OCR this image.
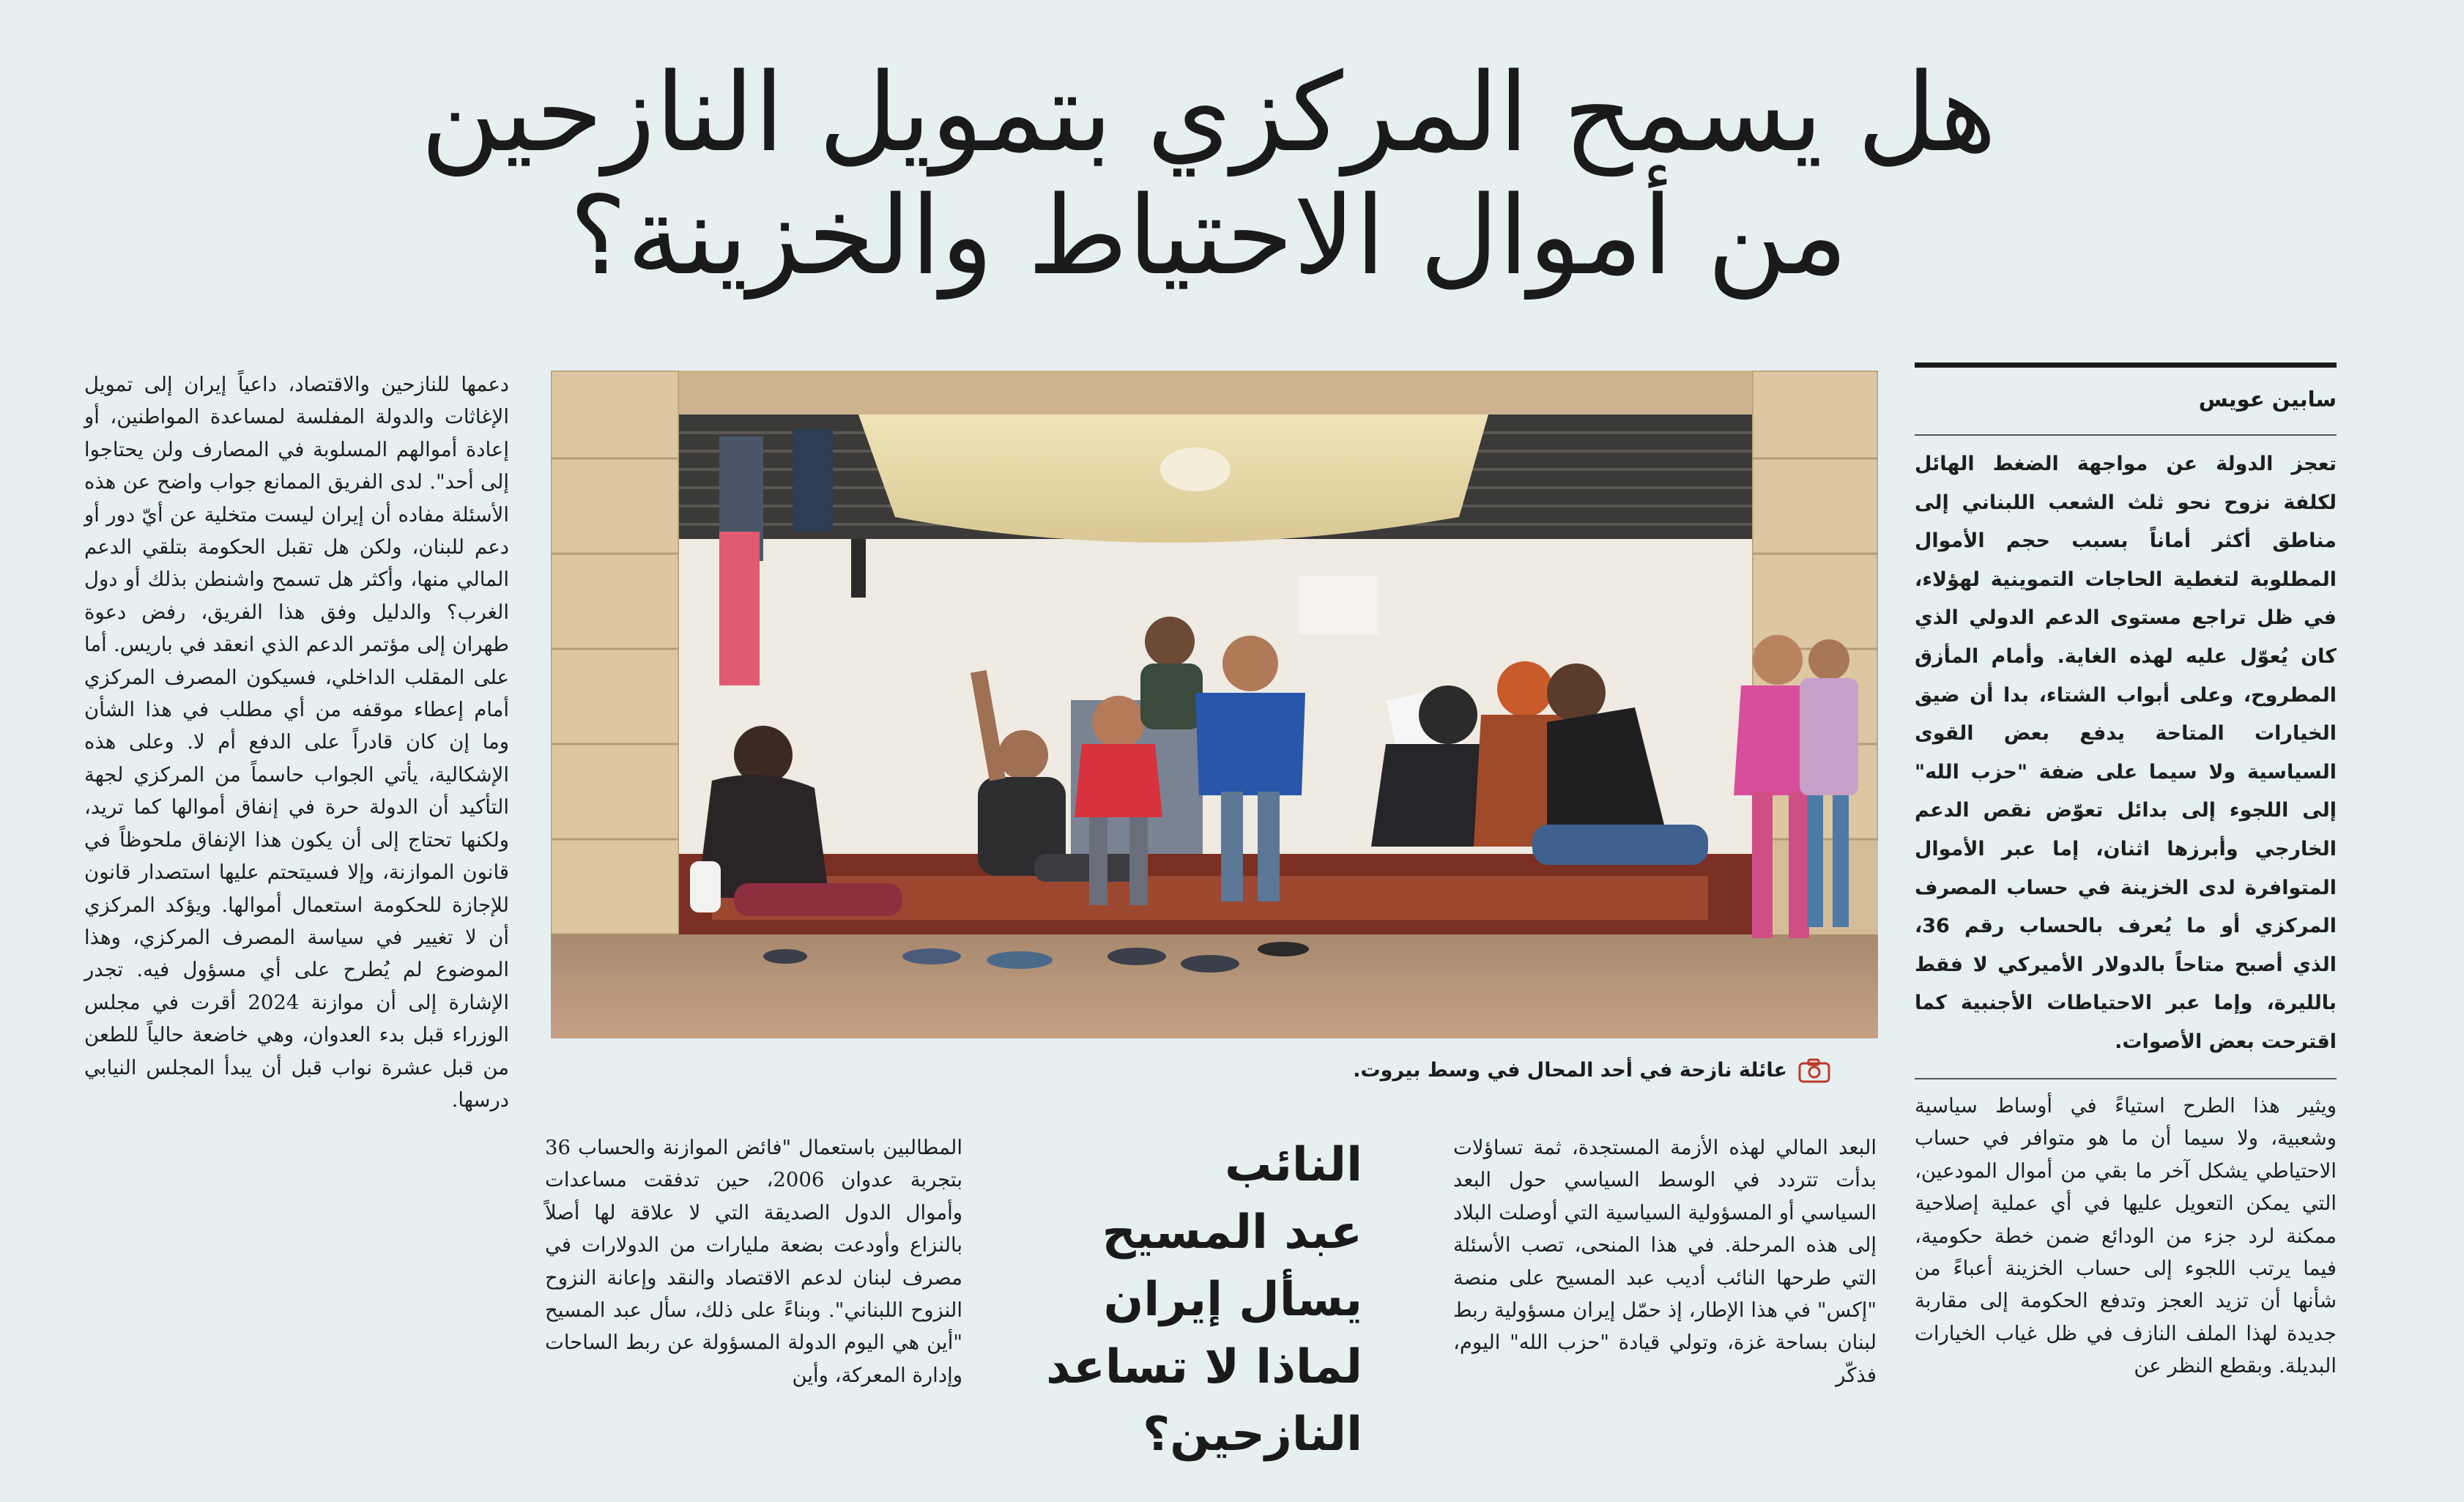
هل يسمح المركزي بتمويل النازحين
من أموال الاحتياط والخزينة؟
سابين عويس

تعجز الدولة عن مواجهة الضغط الهائل لكلفة نزوح نحو ثلث الشعب اللبناني إلى مناطق أكثر أماناً بسبب حجم الأموال المطلوبة لتغطية الحاجات التموينية لهؤلاء، في ظل تراجع مستوى الدعم الدولي الذي كان يُعوّل عليه لهذه الغاية. وأمام المأزق المطروح، وعلى أبواب الشتاء، بدا أن ضيق الخيارات المتاحة يدفع بعض القوى السياسية ولا سيما على ضفة "حزب الله" إلى اللجوء إلى بدائل تعوّض نقص الدعم الخارجي وأبرزها اثنان، إما عبر الأموال المتوافرة لدى الخزينة في حساب المصرف المركزي أو ما يُعرف بالحساب رقم 36، الذي أصبح متاحاً بالدولار الأميركي لا فقط بالليرة، وإما عبر الاحتياطات الأجنبية كما اقترحت بعض الأصوات.

ويثير هذا الطرح استياءً في أوساط سياسية وشعبية، ولا سيما أن ما هو متوافر في حساب الاحتياطي يشكل آخر ما بقي من أموال المودعين، التي يمكن التعويل عليها في أي عملية إصلاحية ممكنة لرد جزء من الودائع ضمن خطة حكومية، فيما يرتب اللجوء إلى حساب الخزينة أعباءً من شأنها أن تزيد العجز وتدفع الحكومة إلى مقاربة جديدة لهذا الملف النازف في ظل غياب الخيارات البديلة. وبقطع النظر عن

عائلة نازحة في أحد المحال في وسط بيروت.

البعد المالي لهذه الأزمة المستجدة، ثمة تساؤلات بدأت تتردد في الوسط السياسي حول البعد السياسي أو المسؤولية السياسية التي أوصلت البلاد إلى هذه المرحلة. في هذا المنحى، تصب الأسئلة التي طرحها النائب أديب عبد المسيح على منصة "إكس" في هذا الإطار، إذ حمّل إيران مسؤولية ربط لبنان بساحة غزة، وتولي قيادة "حزب الله" اليوم، فذكّر

النائب
عبد المسيح
يسأل إيران
لماذا لا تساعد
النازحين؟

المطالبين باستعمال "فائض الموازنة والحساب 36 بتجربة عدوان 2006، حين تدفقت مساعدات وأموال الدول الصديقة التي لا علاقة لها أصلاً بالنزاع وأودعت بضعة مليارات من الدولارات في مصرف لبنان لدعم الاقتصاد والنقد وإعانة النزوح النزوح اللبناني". وبناءً على ذلك، سأل عبد المسيح "أين هي اليوم الدولة المسؤولة عن ربط الساحات وإدارة المعركة، وأين

دعمها للنازحين والاقتصاد، داعياً إيران إلى تمويل الإغاثات والدولة المفلسة لمساعدة المواطنين، أو إعادة أموالهم المسلوبة في المصارف ولن يحتاجوا إلى أحد". لدى الفريق الممانع جواب واضح عن هذه الأسئلة مفاده أن إيران ليست متخلية عن أيّ دور أو دعم للبنان، ولكن هل تقبل الحكومة بتلقي الدعم المالي منها، وأكثر هل تسمح واشنطن بذلك أو دول الغرب؟ والدليل وفق هذا الفريق، رفض دعوة طهران إلى مؤتمر الدعم الذي انعقد في باريس. أما على المقلب الداخلي، فسيكون المصرف المركزي أمام إعطاء موقفه من أي مطلب في هذا الشأن وما إن كان قادراً على الدفع أم لا. وعلى هذه الإشكالية، يأتي الجواب حاسماً من المركزي لجهة التأكيد أن الدولة حرة في إنفاق أموالها كما تريد، ولكنها تحتاج إلى أن يكون هذا الإنفاق ملحوظاً في قانون الموازنة، وإلا فسيتحتم عليها استصدار قانون للإجازة للحكومة استعمال أموالها. ويؤكد المركزي أن لا تغيير في سياسة المصرف المركزي، وهذا الموضوع لم يُطرح على أي مسؤول فيه. تجدر الإشارة إلى أن موازنة 2024 أقرت في مجلس الوزراء قبل بدء العدوان، وهي خاضعة حالياً للطعن من قبل عشرة نواب قبل أن يبدأ المجلس النيابي درسها.
